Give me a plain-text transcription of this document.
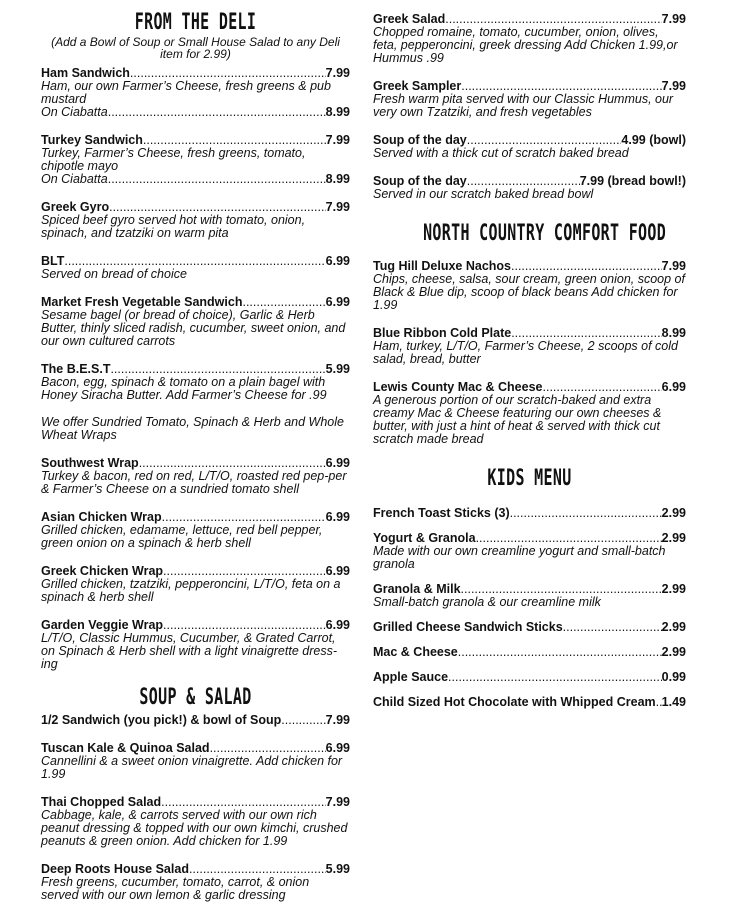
FROM THE DELI

(Add a Bowl of Soup or Small House Salad to any Deli item for 2.99)

Ham Sandwich .....	7.99
Ham, our own Farmer’s Cheese, fresh greens & pub mustard
On Ciabatta .....	8.99
Turkey Sandwich .....	7.99
Turkey, Farmer’s Cheese, fresh greens, tomato, chipotle mayo
On Ciabatta .....	8.99
Greek Gyro .....	7.99
Spiced beef gyro served hot with tomato, onion, spinach, and tzatziki on warm pita
BLT .....	6.99
Served on bread of choice
Market Fresh Vegetable Sandwich .....	6.99
Sesame bagel (or bread of choice), Garlic & Herb Butter, thinly sliced radish, cucumber, sweet onion, and our own cultured carrots
The B.E.S.T .....	5.99
Bacon, egg, spinach & tomato on a plain bagel with Honey Siracha Butter. Add Farmer’s Cheese for .99
We offer Sundried Tomato, Spinach & Herb and Whole Wheat Wraps
Southwest Wrap .....	6.99
Turkey & bacon, red on red, L/T/O, roasted red pep-per & Farmer’s Cheese on a sundried tomato shell
Asian Chicken Wrap .....	6.99
Grilled chicken, edamame, lettuce, red bell pepper, green onion on a spinach & herb shell
Greek Chicken Wrap .....	6.99
Grilled chicken, tzatziki, pepperoncini, L/T/O, feta on a spinach & herb shell
Garden Veggie Wrap .....	6.99
L/T/O, Classic Hummus, Cucumber, & Grated Carrot, on Spinach & Herb shell with a light vinaigrette dress-ing
SOUP & SALAD
1/2 Sandwich (you pick!) & bowl of Soup .....	7.99
Tuscan Kale & Quinoa Salad .....	6.99
Cannellini & a sweet onion vinaigrette. Add chicken for 1.99
Thai Chopped Salad .....	7.99
Cabbage, kale, & carrots served with our own rich peanut dressing & topped with our own kimchi, crushed peanuts & green onion. Add chicken for 1.99
Deep Roots House Salad .....	5.99
Fresh greens, cucumber, tomato, carrot, & onion served with our own lemon & garlic dressing
Greek Salad .....	7.99
Chopped romaine, tomato, cucumber, onion, olives, feta, pepperoncini, greek dressing Add Chicken 1.99,or Hummus .99
Greek Sampler .....	7.99
Fresh warm pita served with our Classic Hummus, our very own Tzatziki, and fresh vegetables
Soup of the day .....	4.99 (bowl)
Served with a thick cut of scratch baked bread
Soup of the day .....	7.99 (bread bowl!)
Served in our scratch baked bread bowl
NORTH COUNTRY COMFORT FOOD
Tug Hill Deluxe Nachos .....	7.99
Chips, cheese, salsa, sour cream, green onion, scoop of Black & Blue dip, scoop of black beans Add chicken for 1.99
Blue Ribbon Cold Plate .....	8.99
Ham, turkey, L/T/O, Farmer’s Cheese, 2 scoops of cold salad, bread, butter
Lewis County Mac & Cheese .....	6.99
A generous portion of our scratch-baked and extra creamy Mac & Cheese featuring our own cheeses & butter, with just a hint of heat & served with thick cut scratch made bread
KIDS MENU
French Toast Sticks (3) .....	2.99
Yogurt & Granola .....	2.99
Made with our own creamline yogurt and small-batch granola
Granola & Milk .....	2.99
Small-batch granola & our creamline milk
Grilled Cheese Sandwich Sticks .....	2.99
Mac & Cheese .....	2.99
Apple Sauce .....	0.99
Child Sized Hot Chocolate with Whipped Cream ..... 1.49
